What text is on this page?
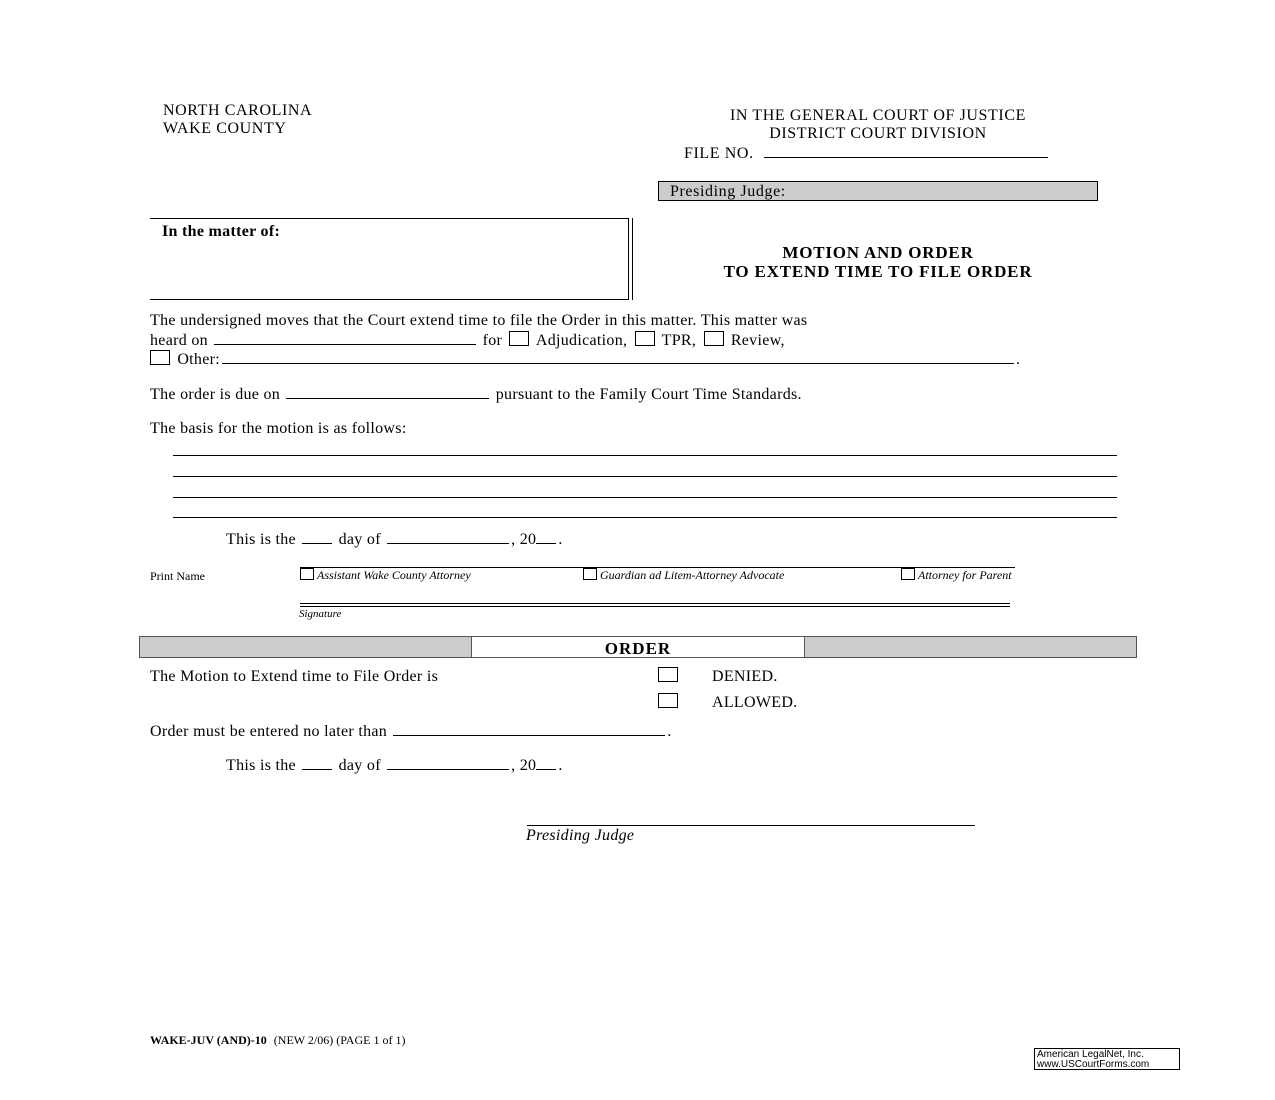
NORTH CAROLINA
WAKE COUNTY
IN THE GENERAL COURT OF JUSTICE
DISTRICT COURT DIVISION
FILE NO.
Presiding Judge:
In the matter of:
MOTION AND ORDER
TO EXTEND TIME TO FILE ORDER
The undersigned moves that the Court extend time to file the Order in this matter. This matter was
heard on	for Adjudication, TPR, Review,
Other:	.
The order is due on	pursuant to the Family Court Time Standards.
The basis for the motion is as follows:
This is the	day of	, 20 .
Print Name	Assistant Wake County Attorney	Guardian ad Litem-Attorney Advocate	Attorney for Parent
Signature
ORDER
The Motion to Extend time to File Order is	DENIED.
ALLOWED.
Order must be entered no later than	.
This is the	day of	, 20 .
Presiding Judge
WAKE-JUV (AND)-10 (NEW 2/06) (PAGE 1 of 1)
American LegalNet, Inc.
www.USCourtForms.com
